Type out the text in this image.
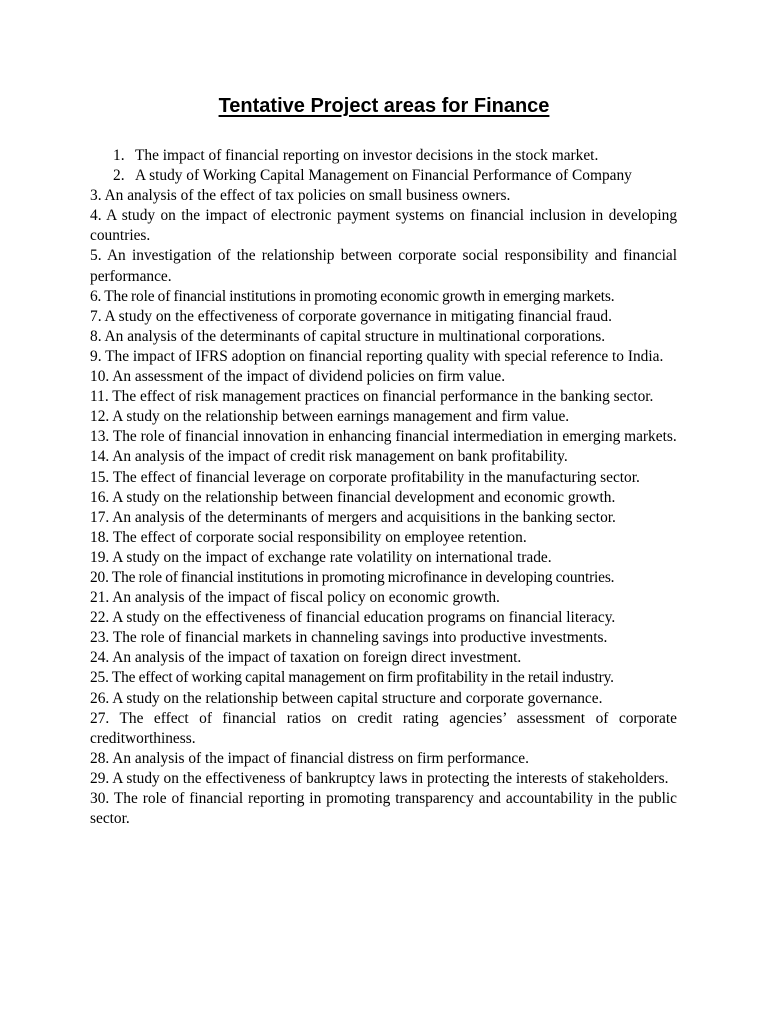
Tentative Project areas for Finance

1. The impact of financial reporting on investor decisions in the stock market.

2. A study of Working Capital Management on Financial Performance of Company

3. An analysis of the effect of tax policies on small business owners.

4. A study on the impact of electronic payment systems on financial inclusion in developing countries.

5. An investigation of the relationship between corporate social responsibility and financial performance.

6. The role of financial institutions in promoting economic growth in emerging markets.

7. A study on the effectiveness of corporate governance in mitigating financial fraud.

8. An analysis of the determinants of capital structure in multinational corporations.

9. The impact of IFRS adoption on financial reporting quality with special reference to India.

10. An assessment of the impact of dividend policies on firm value.

11. The effect of risk management practices on financial performance in the banking sector.

12. A study on the relationship between earnings management and firm value.

13. The role of financial innovation in enhancing financial intermediation in emerging markets.

14. An analysis of the impact of credit risk management on bank profitability.

15. The effect of financial leverage on corporate profitability in the manufacturing sector.

16. A study on the relationship between financial development and economic growth.

17. An analysis of the determinants of mergers and acquisitions in the banking sector.

18. The effect of corporate social responsibility on employee retention.

19. A study on the impact of exchange rate volatility on international trade.

20. The role of financial institutions in promoting microfinance in developing countries.

21. An analysis of the impact of fiscal policy on economic growth.

22. A study on the effectiveness of financial education programs on financial literacy.

23. The role of financial markets in channeling savings into productive investments.

24. An analysis of the impact of taxation on foreign direct investment.

25. The effect of working capital management on firm profitability in the retail industry.

26. A study on the relationship between capital structure and corporate governance.

27. The effect of financial ratios on credit rating agencies’ assessment of corporate creditworthiness.

28. An analysis of the impact of financial distress on firm performance.

29. A study on the effectiveness of bankruptcy laws in protecting the interests of stakeholders.

30. The role of financial reporting in promoting transparency and accountability in the public sector.
